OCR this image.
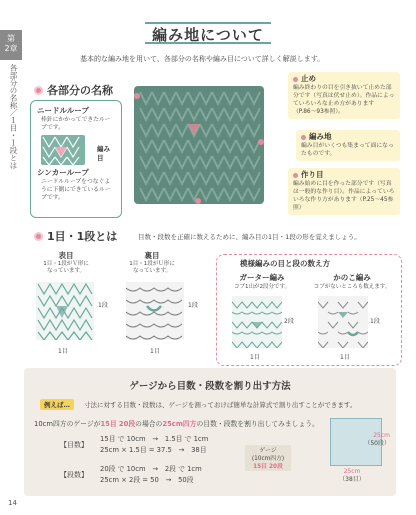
第
2章
各部分の名称／１目・１段とは
編み地について
基本的な編み地を用いて、各部分の名称や編み目について詳しく解説します。
各部分の名称
ニードルループ
棒針にかかってできたループです。
編み目
シンカーループ
ニードルループをつなぐように下側にできているループです。
止め
編み終わりの目を引き抜いて止めた部分です（写真は伏せ止め）。作品によっていろいろな止め方があります（P.86〜93参照）。
編み地
編み目がいくつも集まって面になったものです。
作り目
編み始めに目を作った部分です（写真は一般的な作り目）。作品によっていろいろな作り方があります（P.25〜45参照）
1目・1段とは	目数・段数を正確に数えるために、編み目の1目・1段の形を覚えましょう。
表目
1目・1段がＶ形に
なっています。
1段
1目
裏目
1目・1段がＵ形に
なっています。
1段
1目
模様編みの目と段の数え方
ガーター編み
コブ1山が2段分です。
2段
1目
かのこ編み
コブがないところも数えます。
1段
1目
ゲージから目数・段数を割り出す方法
例えば…	寸法に対する目数・段数は、ゲージを測っておけば簡単な計算式で割り出すことができます。
10cm四方のゲージが15目 20段の場合の25cm四方の目数・段数を割り出してみましょう。
【目数】
15目 で 10cm　→　1.5目 で 1cm
25cm × 1.5目 = 37.5　→　38目
【段数】
20段 で 10cm　→　2段 で 1cm
25cm × 2段 = 50　→　50段
ゲージ
(10cm四方)
15目 20段
25cm
（50段）
25cm
（38目）
14
